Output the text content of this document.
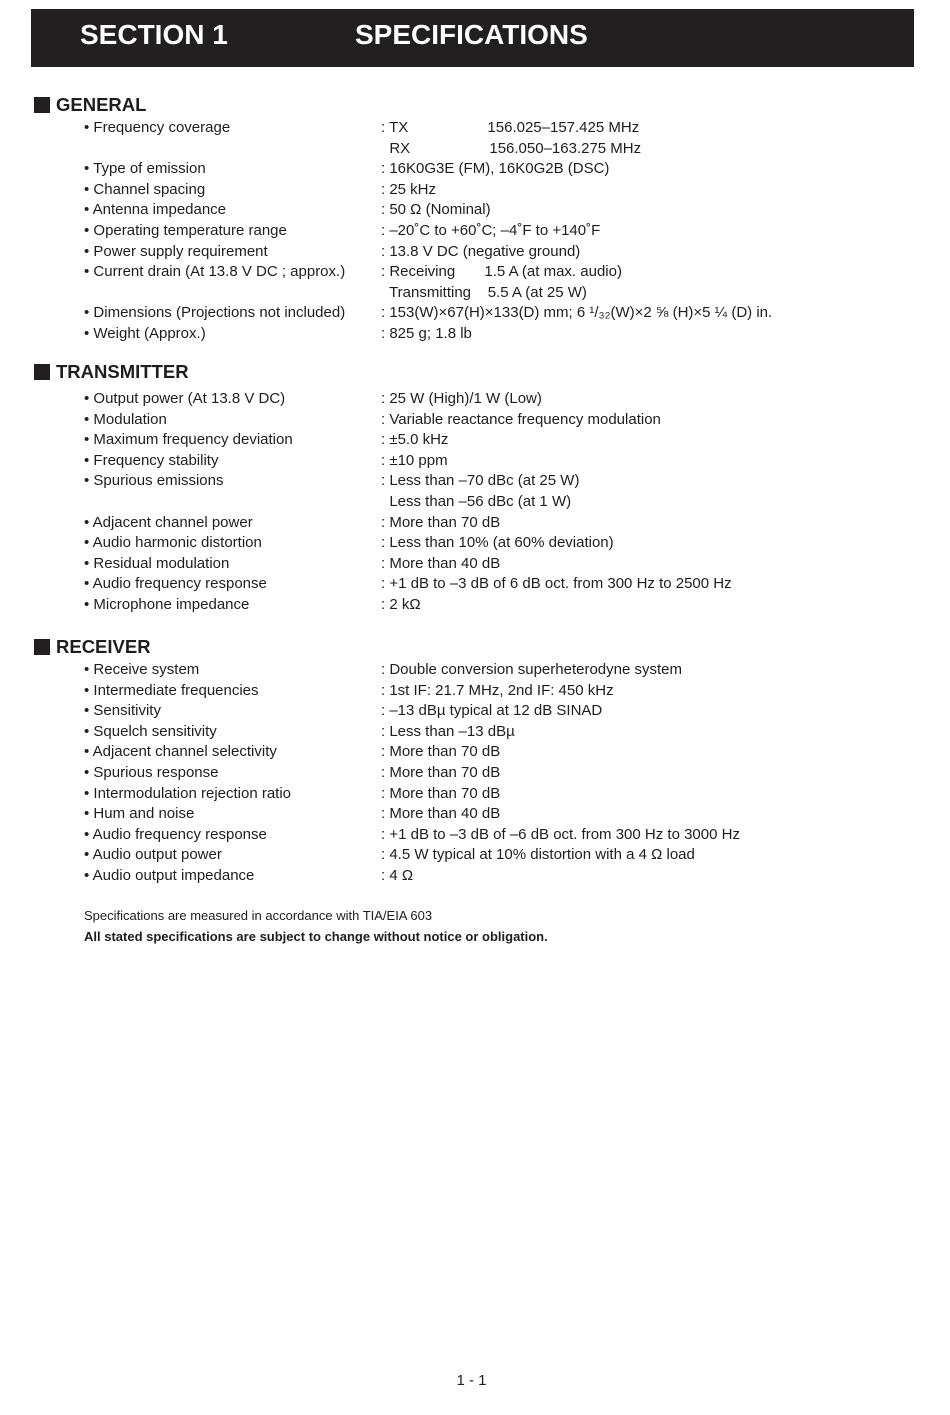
SECTION 1	SPECIFICATIONS
GENERAL
• Frequency coverage	: TX                   156.025–157.425 MHz
RX                   156.050–163.275 MHz
• Type of emission	: 16K0G3E (FM), 16K0G2B (DSC)
• Channel spacing	: 25 kHz
• Antenna impedance	: 50 Ω (Nominal)
• Operating temperature range	: –20˚C to +60˚C; –4˚F to +140˚F
• Power supply requirement	: 13.8 V DC (negative ground)
• Current drain (At 13.8 V DC ; approx.) : Receiving       1.5 A (at max. audio)
Transmitting    5.5 A (at 25 W)
• Dimensions (Projections not included) : 153(W)×67(H)×133(D) mm; 6 ¹/₃₂(W)×2 ⅝ (H)×5 ¼ (D) in.
• Weight (Approx.)	: 825 g; 1.8 lb
TRANSMITTER
• Output power (At 13.8 V DC)	: 25 W (High)/1 W (Low)
• Modulation	: Variable reactance frequency modulation
• Maximum frequency deviation	: ±5.0 kHz
• Frequency stability	: ±10 ppm
• Spurious emissions	: Less than –70 dBc (at 25 W)
Less than –56 dBc (at 1 W)
• Adjacent channel power	: More than 70 dB
• Audio harmonic distortion	: Less than 10% (at 60% deviation)
• Residual modulation	: More than 40 dB
• Audio frequency response	: +1 dB to –3 dB of 6 dB oct. from 300 Hz to 2500 Hz
• Microphone impedance	: 2 kΩ
RECEIVER
• Receive system	: Double conversion superheterodyne system
• Intermediate frequencies	: 1st IF: 21.7 MHz, 2nd IF: 450 kHz
• Sensitivity	: –13 dBµ typical at 12 dB SINAD
• Squelch sensitivity	: Less than –13 dBµ
• Adjacent channel selectivity	: More than 70 dB
• Spurious response	: More than 70 dB
• Intermodulation rejection ratio	: More than 70 dB
• Hum and noise	: More than 40 dB
• Audio frequency response	: +1 dB to –3 dB of –6 dB oct. from 300 Hz to 3000 Hz
• Audio output power	: 4.5 W typical at 10% distortion with a 4 Ω load
• Audio output impedance	: 4 Ω
Specifications are measured in accordance with TIA/EIA 603
All stated specifications are subject to change without notice or obligation.
1 - 1
